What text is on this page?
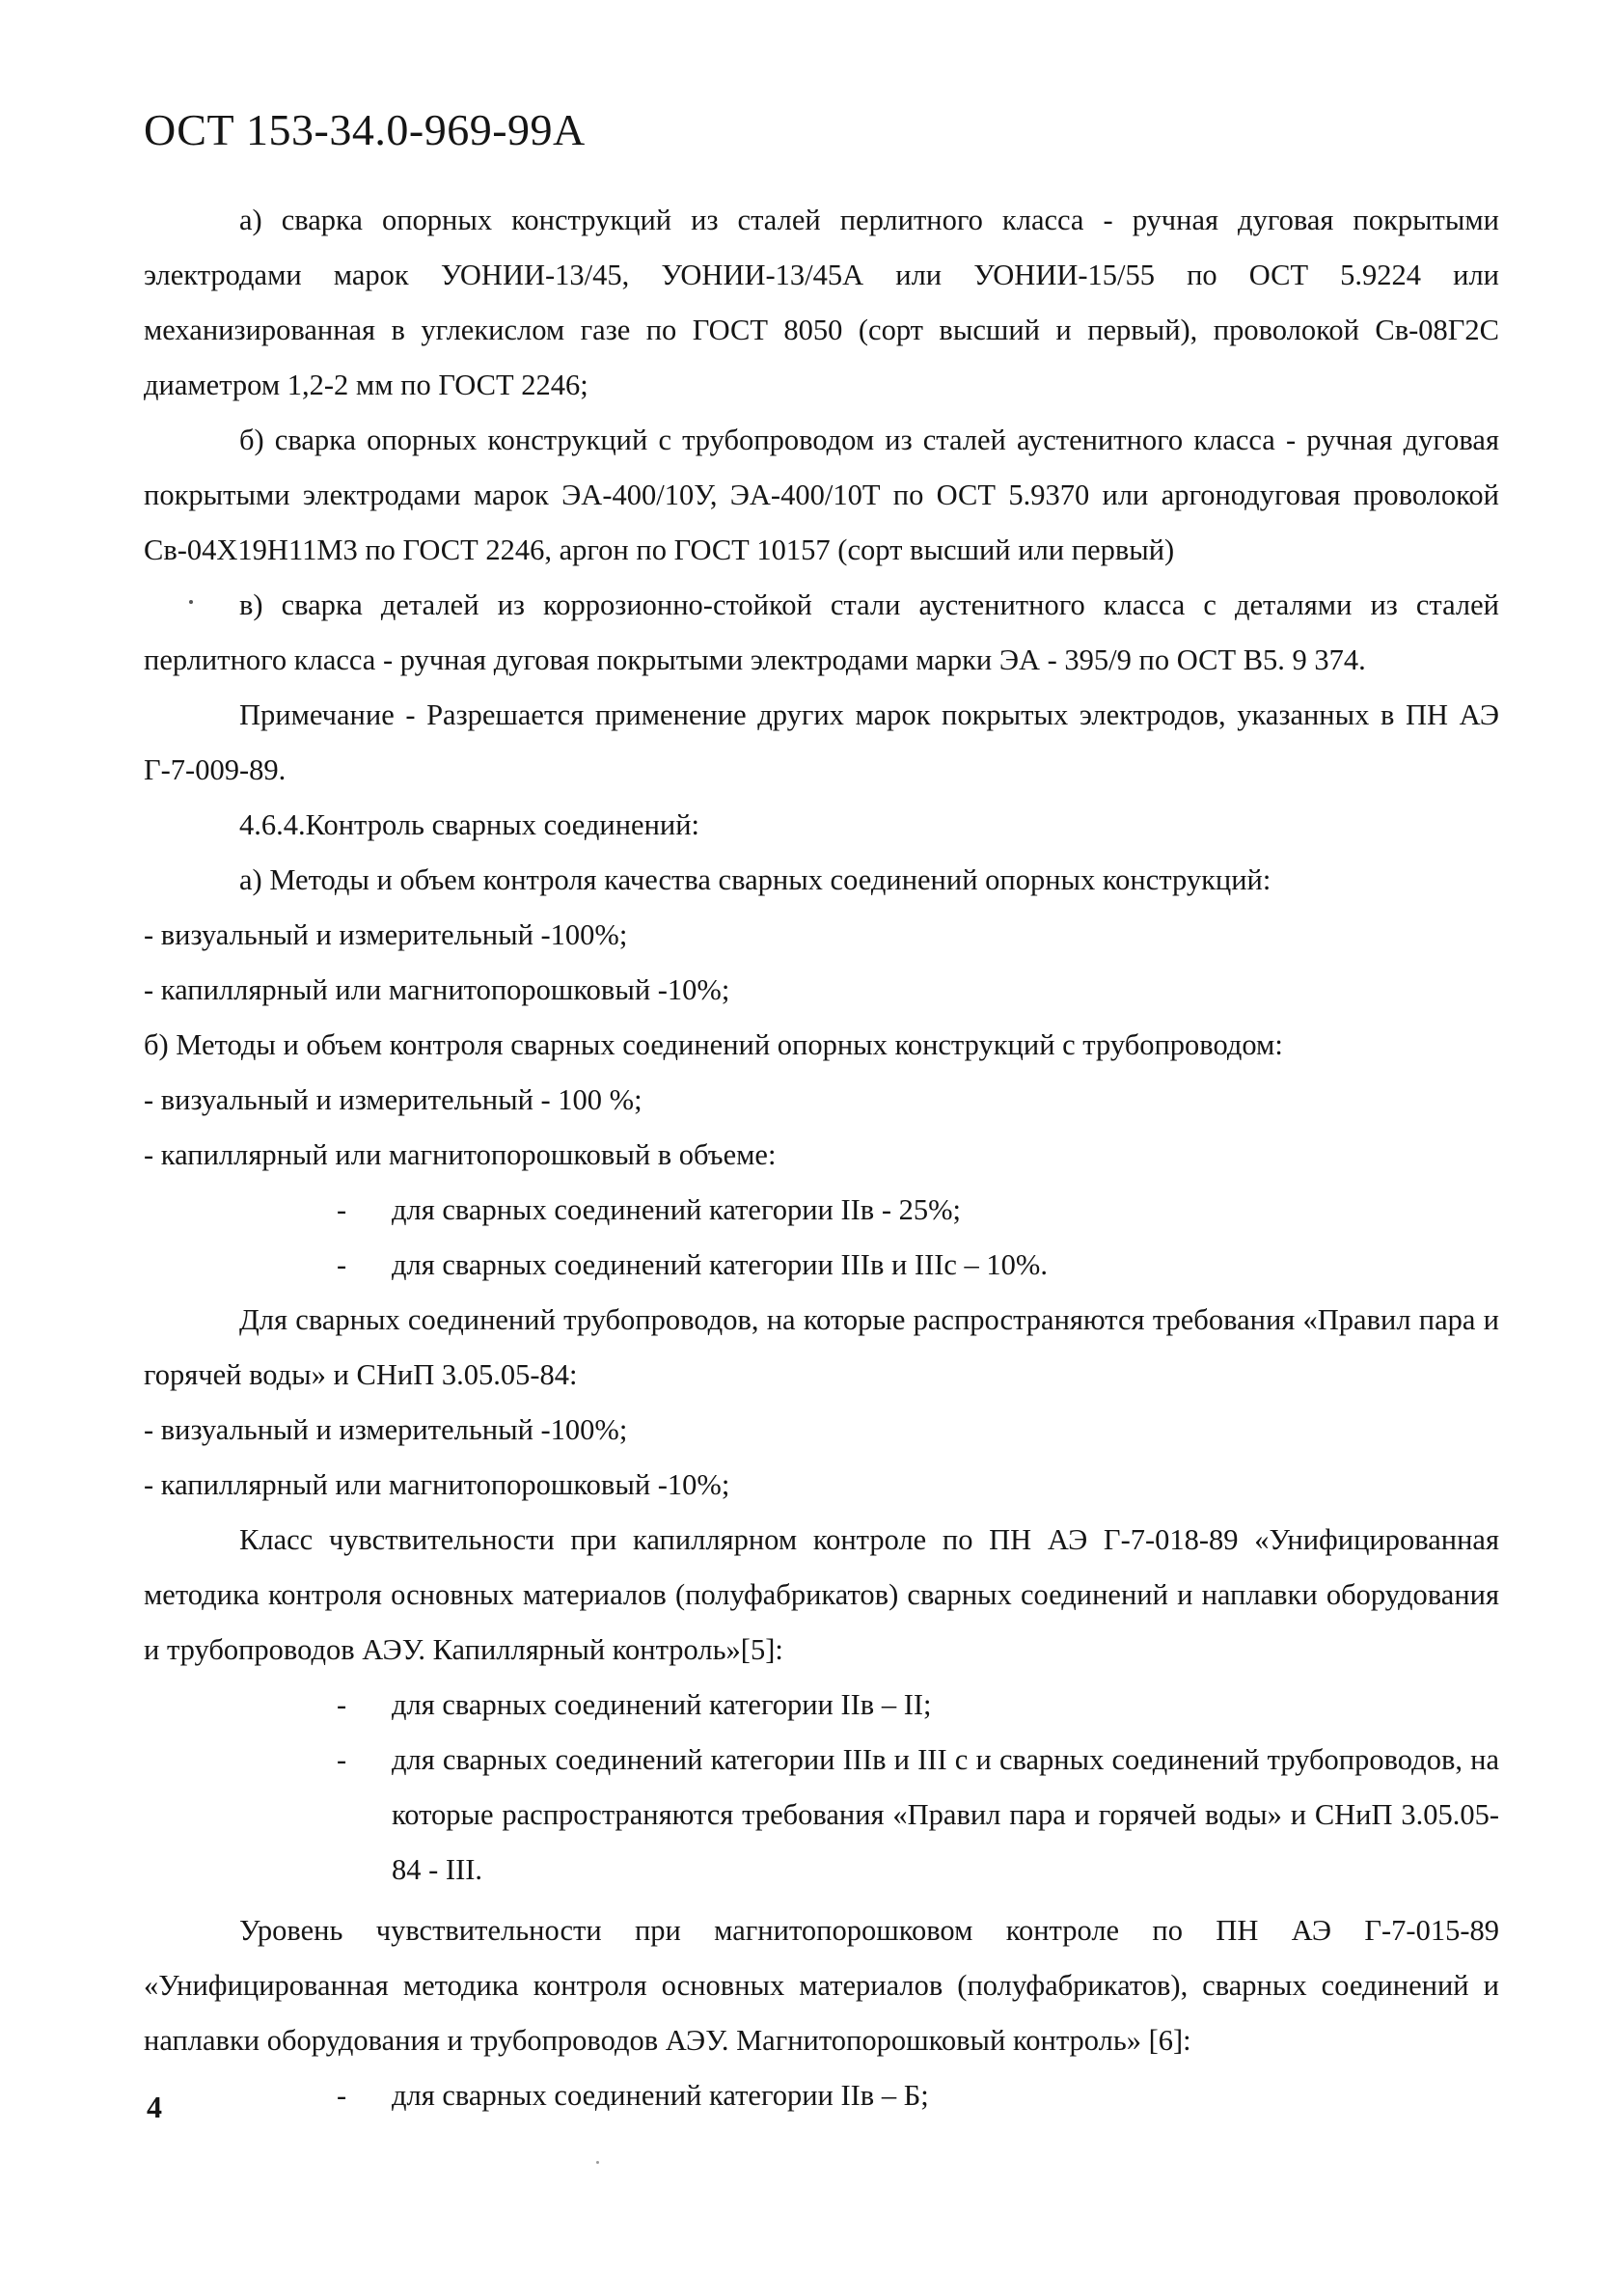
ОСТ 153-34.0-969-99А

а) сварка опорных конструкций из сталей перлитного класса - ручная дуговая покрытыми электродами марок УОНИИ-13/45, УОНИИ-13/45А или УОНИИ-15/55 по ОСТ 5.9224 или механизированная в углекислом газе по ГОСТ 8050 (сорт высший и первый), проволокой Св-08Г2С диаметром 1,2-2 мм по ГОСТ 2246;

б) сварка опорных конструкций с трубопроводом из сталей аустенитного класса - ручная дуговая покрытыми электродами марок ЭА-400/10У, ЭА-400/10Т по ОСТ 5.9370 или аргонодуговая проволокой Св-04Х19Н11М3 по ГОСТ 2246, аргон по ГОСТ 10157 (сорт высший или первый)

в) сварка деталей из коррозионно-стойкой стали аустенитного класса с деталями из сталей перлитного класса - ручная дуговая покрытыми электродами марки ЭА - 395/9 по ОСТ В5. 9 374.

Примечание - Разрешается применение других марок покрытых электродов, указанных в ПН АЭ Г-7-009-89.

4.6.4.Контроль сварных соединений:

а) Методы и объем контроля качества сварных соединений опорных конструкций:

- визуальный и измерительный -100%;

- капиллярный или магнитопорошковый -10%;

б) Методы и объем контроля сварных соединений опорных конструкций с трубопроводом:

- визуальный и измерительный - 100 %;

- капиллярный или магнитопорошковый в объеме:

- для сварных соединений категории IIв - 25%;
- для сварных соединений категории IIIв и IIIс – 10%.

Для сварных соединений трубопроводов, на которые распространяются требования «Правил пара и горячей воды» и СНиП 3.05.05-84:

- визуальный и измерительный -100%;

- капиллярный или магнитопорошковый -10%;

Класс чувствительности при капиллярном контроле по ПН АЭ Г-7-018-89 «Унифицированная методика контроля основных материалов (полуфабрикатов) сварных соединений и наплавки оборудования и трубопроводов АЭУ. Капиллярный контроль»[5]:

- для сварных соединений категории IIв – II;
- для сварных соединений категории IIIв и III с и сварных соединений трубопроводов, на которые распространяются требования «Правил пара и горячей воды» и СНиП 3.05.05-84 - III.

Уровень чувствительности при магнитопорошковом контроле по ПН АЭ Г-7-015-89 «Унифицированная методика контроля основных материалов (полуфабрикатов), сварных соединений и наплавки оборудования и трубопроводов АЭУ. Магнитопорошковый контроль» [6]:

- для сварных соединений категории IIв – Б;
4
